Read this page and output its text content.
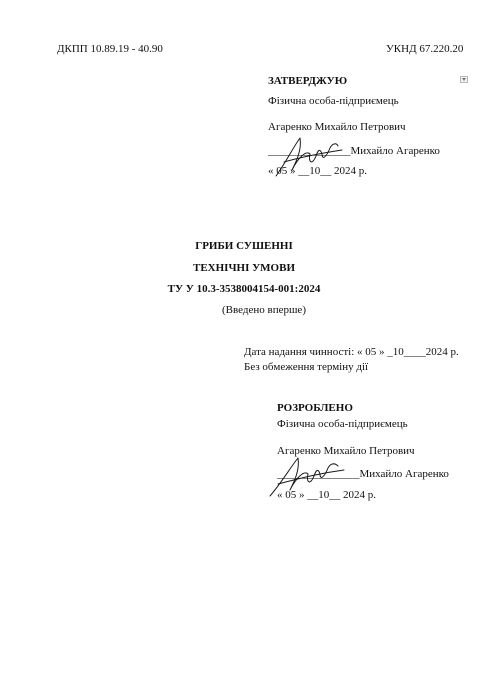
ДКПП 10.89.19 - 40.90	УКНД 67.220.20
ЗАТВЕРДЖУЮ
Фізична особа-підприємець
Агаренко Михайло Петрович
_______________Михайло Агаренко
« 05 » __10__ 2024 р.
ГРИБИ СУШЕННІ
ТЕХНІЧНІ УМОВИ
ТУ У 10.3-3538004154-001:2024
(Введено вперше)
Дата надання чинності: « 05 » _10____2024 р.
Без обмеження терміну дії
РОЗРОБЛЕНО
Фізична особа-підприємець
Агаренко Михайло Петрович
_______________Михайло Агаренко
« 05 » __10__ 2024 р.
